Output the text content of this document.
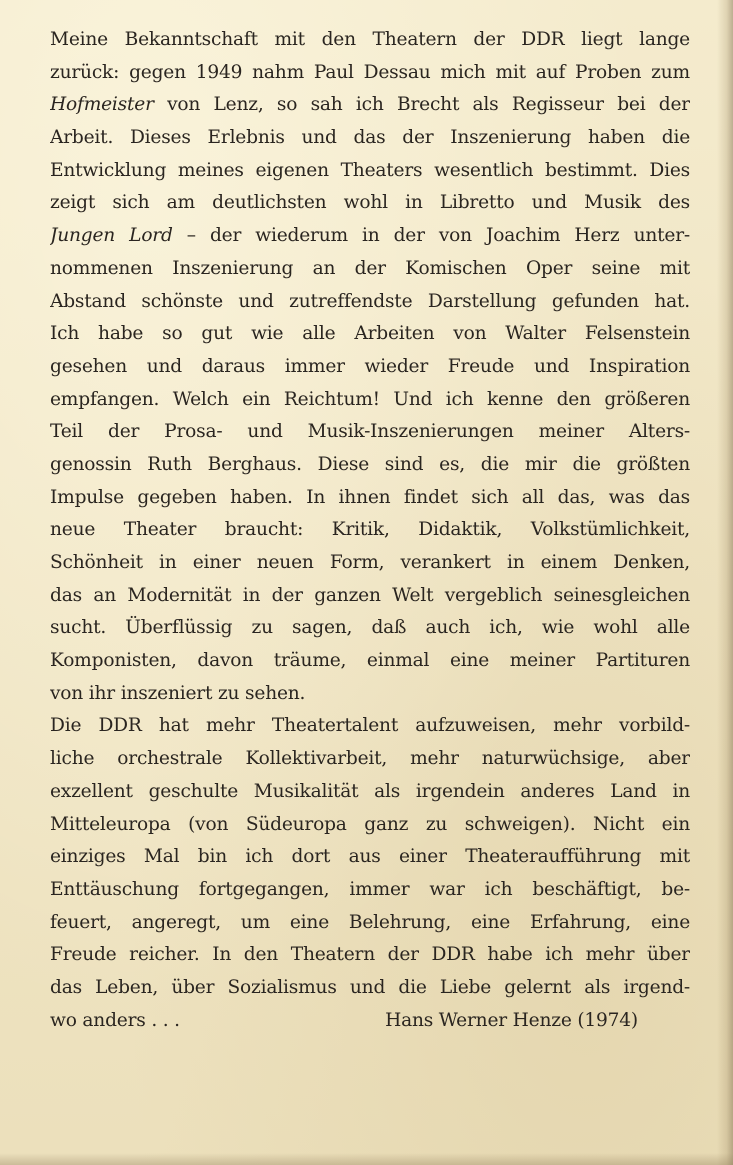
Meine Bekanntschaft mit den Theatern der DDR liegt lange
zurück: gegen 1949 nahm Paul Dessau mich mit auf Proben zum
Hofmeister von Lenz, so sah ich Brecht als Regisseur bei der
Arbeit. Dieses Erlebnis und das der Inszenierung haben die
Entwicklung meines eigenen Theaters wesentlich bestimmt. Dies
zeigt sich am deutlichsten wohl in Libretto und Musik des
Jungen Lord – der wiederum in der von Joachim Herz unter-
nommenen Inszenierung an der Komischen Oper seine mit
Abstand schönste und zutreffendste Darstellung gefunden hat.
Ich habe so gut wie alle Arbeiten von Walter Felsenstein
gesehen und daraus immer wieder Freude und Inspiration
empfangen. Welch ein Reichtum! Und ich kenne den größeren
Teil der Prosa- und Musik-Inszenierungen meiner Alters-
genossin Ruth Berghaus. Diese sind es, die mir die größten
Impulse gegeben haben. In ihnen findet sich all das, was das
neue Theater braucht: Kritik, Didaktik, Volkstümlichkeit,
Schönheit in einer neuen Form, verankert in einem Denken,
das an Modernität in der ganzen Welt vergeblich seinesgleichen
sucht. Überflüssig zu sagen, daß auch ich, wie wohl alle
Komponisten, davon träume, einmal eine meiner Partituren
von ihr inszeniert zu sehen.
Die DDR hat mehr Theatertalent aufzuweisen, mehr vorbild-
liche orchestrale Kollektivarbeit, mehr naturwüchsige, aber
exzellent geschulte Musikalität als irgendein anderes Land in
Mitteleuropa (von Südeuropa ganz zu schweigen). Nicht ein
einziges Mal bin ich dort aus einer Theateraufführung mit
Enttäuschung fortgegangen, immer war ich beschäftigt, be-
feuert, angeregt, um eine Belehrung, eine Erfahrung, eine
Freude reicher. In den Theatern der DDR habe ich mehr über
das Leben, über Sozialismus und die Liebe gelernt als irgend-
wo anders . . .	Hans Werner Henze (1974)
